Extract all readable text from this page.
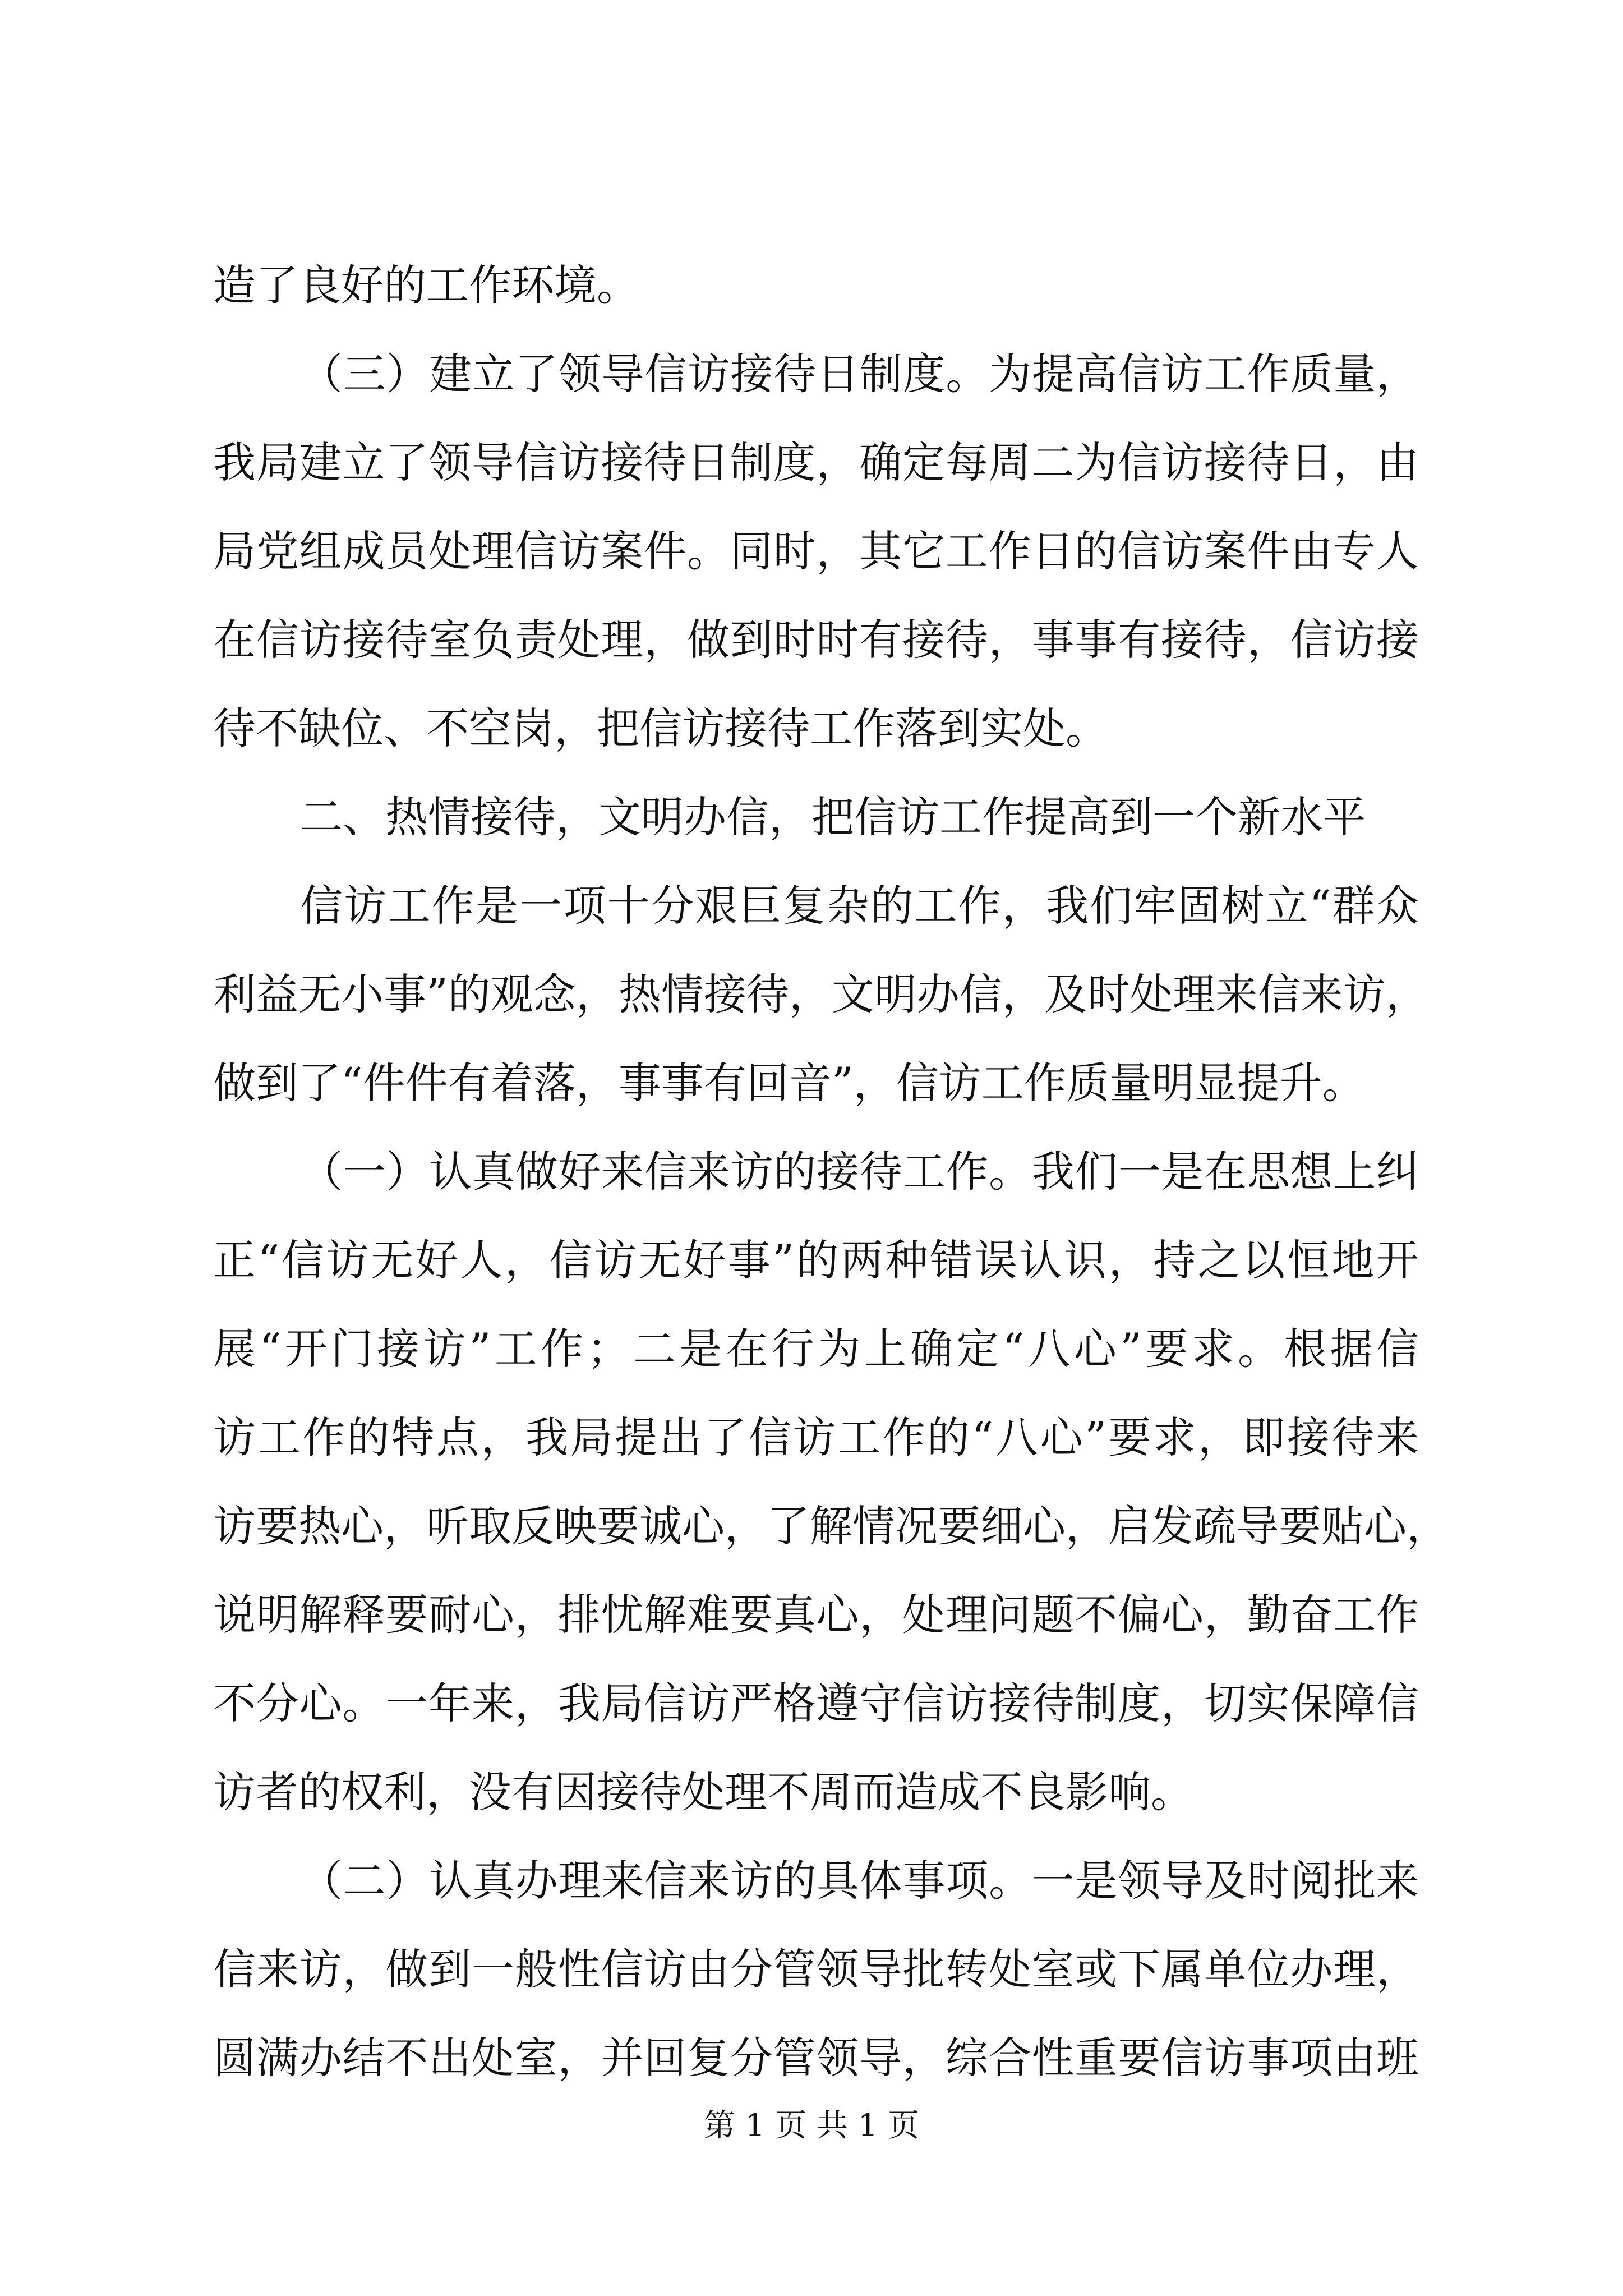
造了良好的工作环境。
（三）建立了领导信访接待日制度。为提高信访工作质量，
我局建立了领导信访接待日制度，确定每周二为信访接待日，由
局党组成员处理信访案件。同时，其它工作日的信访案件由专人
在信访接待室负责处理，做到时时有接待，事事有接待，信访接
待不缺位、不空岗，把信访接待工作落到实处。
二、热情接待，文明办信，把信访工作提高到一个新水平
信访工作是一项十分艰巨复杂的工作，我们牢固树立“群众
利益无小事”的观念，热情接待，文明办信，及时处理来信来访，
做到了“件件有着落，事事有回音”，信访工作质量明显提升。
（一）认真做好来信来访的接待工作。我们一是在思想上纠
正“信访无好人，信访无好事”的两种错误认识，持之以恒地开
展“开门接访”工作；二是在行为上确定“八心”要求。根据信
访工作的特点，我局提出了信访工作的“八心”要求，即接待来
访要热心，听取反映要诚心，了解情况要细心，启发疏导要贴心，
说明解释要耐心，排忧解难要真心，处理问题不偏心，勤奋工作
不分心。一年来，我局信访严格遵守信访接待制度，切实保障信
访者的权利，没有因接待处理不周而造成不良影响。
（二）认真办理来信来访的具体事项。一是领导及时阅批来
信来访，做到一般性信访由分管领导批转处室或下属单位办理，
圆满办结不出处室，并回复分管领导，综合性重要信访事项由班
第 1 页 共 1 页
